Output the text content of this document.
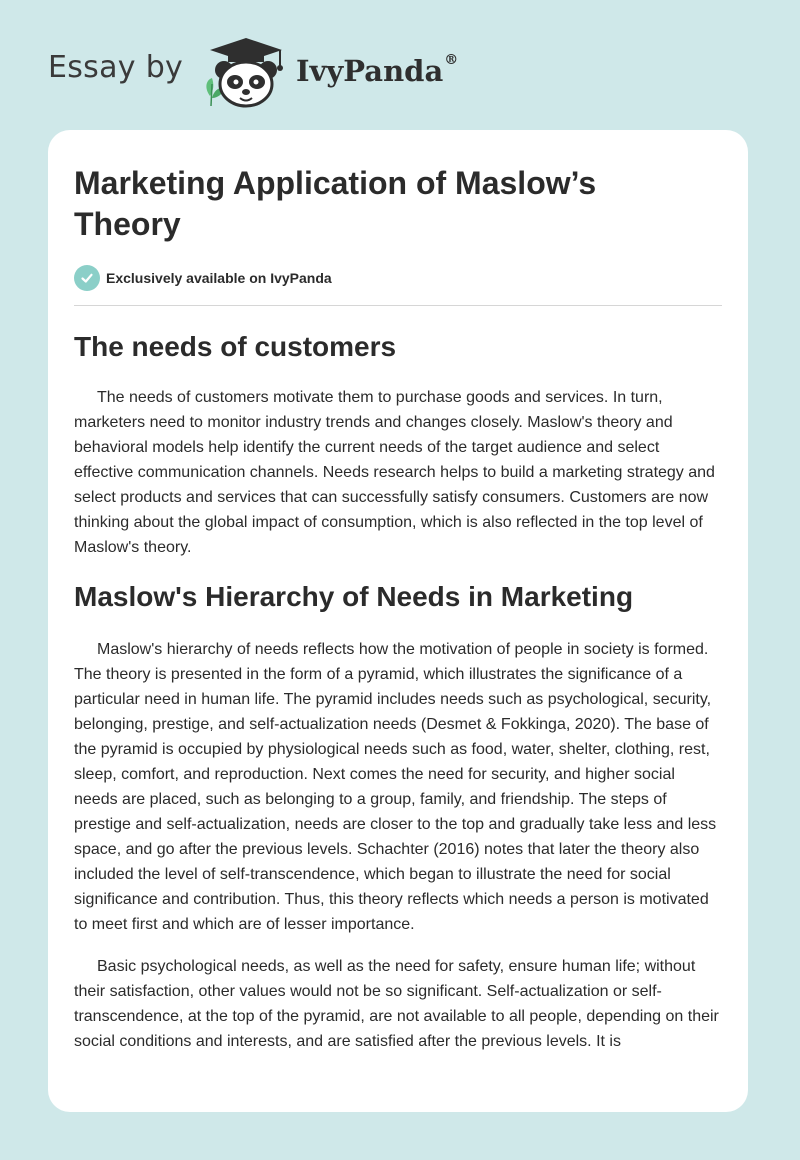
Essay by	IvyPanda®
Marketing Application of Maslow’s Theory
Exclusively available on IvyPanda
The needs of customers

The needs of customers motivate them to purchase goods and services. In turn, marketers need to monitor industry trends and changes closely. Maslow's theory and behavioral models help identify the current needs of the target audience and select effective communication channels. Needs research helps to build a marketing strategy and select products and services that can successfully satisfy consumers. Customers are now thinking about the global impact of consumption, which is also reflected in the top level of Maslow's theory.

Maslow's Hierarchy of Needs in Marketing

Maslow's hierarchy of needs reflects how the motivation of people in society is formed. The theory is presented in the form of a pyramid, which illustrates the significance of a particular need in human life. The pyramid includes needs such as psychological, security, belonging, prestige, and self-actualization needs (Desmet & Fokkinga, 2020). The base of the pyramid is occupied by physiological needs such as food, water, shelter, clothing, rest, sleep, comfort, and reproduction. Next comes the need for security, and higher social needs are placed, such as belonging to a group, family, and friendship. The steps of prestige and self-actualization, needs are closer to the top and gradually take less and less space, and go after the previous levels. Schachter (2016) notes that later the theory also included the level of self-transcendence, which began to illustrate the need for social significance and contribution. Thus, this theory reflects which needs a person is motivated to meet first and which are of lesser importance.

Basic psychological needs, as well as the need for safety, ensure human life; without their satisfaction, other values would not be so significant. Self-actualization or self-transcendence, at the top of the pyramid, are not available to all people, depending on their social conditions and interests, and are satisfied after the previous levels. It is
